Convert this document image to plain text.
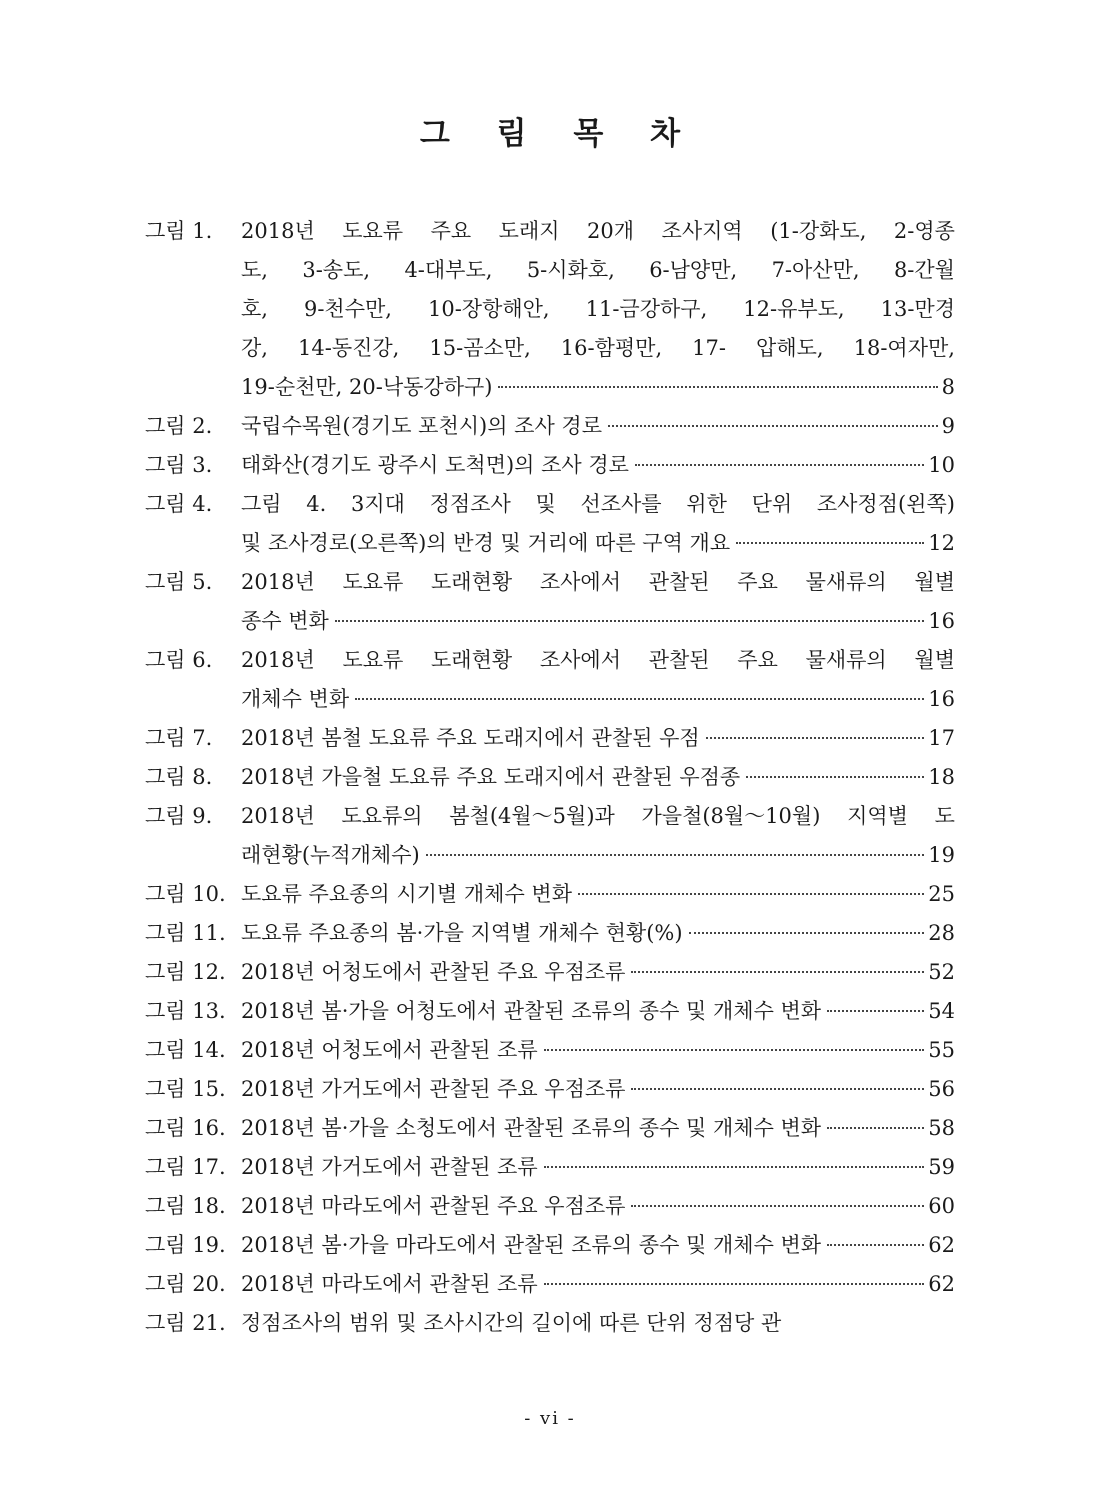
그 림 목 차
그림 1.	2018년 도요류 주요 도래지 20개 조사지역 (1-강화도, 2-영종
도, 3-송도, 4-대부도, 5-시화호, 6-남양만, 7-아산만, 8-간월
호, 9-천수만, 10-장항해안, 11-금강하구, 12-유부도, 13-만경
강, 14-동진강, 15-곰소만, 16-함평만, 17- 압해도, 18-여자만,
19-순천만, 20-낙동강하구)	8
그림 2.	국립수목원(경기도 포천시)의 조사 경로	9
그림 3.	태화산(경기도 광주시 도척면)의 조사 경로	10
그림 4.	그림 4. 3지대 정점조사 및 선조사를 위한 단위 조사정점(왼쪽)
및 조사경로(오른쪽)의 반경 및 거리에 따른 구역 개요	12
그림 5.	2018년 도요류 도래현황 조사에서 관찰된 주요 물새류의 월별
종수 변화	16
그림 6.	2018년 도요류 도래현황 조사에서 관찰된 주요 물새류의 월별
개체수 변화	16
그림 7.	2018년 봄철 도요류 주요 도래지에서 관찰된 우점	17
그림 8.	2018년 가을철 도요류 주요 도래지에서 관찰된 우점종	18
그림 9.	2018년 도요류의 봄철(4월～5월)과 가을철(8월～10월) 지역별 도
래현황(누적개체수)	19
그림 10. 도요류 주요종의 시기별 개체수 변화	25
그림 11. 도요류 주요종의 봄·가을 지역별 개체수 현황(%)	28
그림 12. 2018년 어청도에서 관찰된 주요 우점조류	52
그림 13. 2018년 봄·가을 어청도에서 관찰된 조류의 종수 및 개체수 변화	54
그림 14. 2018년 어청도에서 관찰된 조류	55
그림 15. 2018년 가거도에서 관찰된 주요 우점조류	56
그림 16. 2018년 봄·가을 소청도에서 관찰된 조류의 종수 및 개체수 변화	58
그림 17. 2018년 가거도에서 관찰된 조류	59
그림 18. 2018년 마라도에서 관찰된 주요 우점조류	60
그림 19. 2018년 봄·가을 마라도에서 관찰된 조류의 종수 및 개체수 변화	62
그림 20. 2018년 마라도에서 관찰된 조류	62
그림 21. 정점조사의 범위 및 조사시간의 길이에 따른 단위 정점당 관
- vi -
